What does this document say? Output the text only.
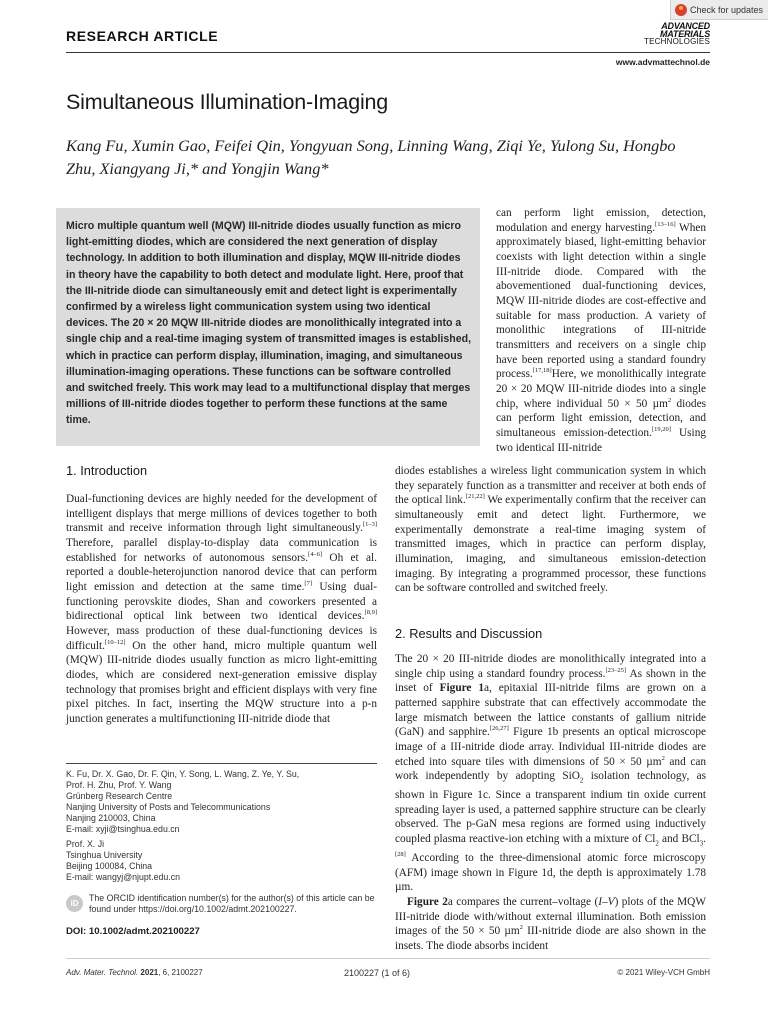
Check for updates
RESEARCH ARTICLE
ADVANCED
MATERIALS
TECHNOLOGIES
www.advmattechnol.de
Simultaneous Illumination-Imaging
Kang Fu, Xumin Gao, Feifei Qin, Yongyuan Song, Linning Wang, Ziqi Ye, Yulong Su, Hongbo Zhu, Xiangyang Ji,* and Yongjin Wang*
Micro multiple quantum well (MQW) III-nitride diodes usually function as micro light-emitting diodes, which are considered the next generation of display technology. In addition to both illumination and display, MQW III-nitride diodes in theory have the capability to both detect and modulate light. Here, proof that the III-nitride diode can simultaneously emit and detect light is experimentally confirmed by a wireless light communication system using two identical devices. The 20 × 20 MQW III-nitride diodes are monolithically integrated into a single chip and a real-time imaging system of transmitted images is established, which in practice can perform display, illumination, imaging, and simultaneous illumination-imaging operations. These functions can be software controlled and switched freely. This work may lead to a multifunctional display that merges millions of III-nitride diodes together to perform these functions at the same time.
can perform light emission, detection, modulation and energy harvesting.[13–16] When approximately biased, light-emitting behavior coexists with light detection within a single III-nitride diode. Compared with the abovementioned dual-functioning devices, MQW III-nitride diodes are cost-effective and suitable for mass production. A variety of monolithic integrations of III-nitride transmitters and receivers on a single chip have been reported using a standard foundry process.[17,18]Here, we monolithically integrate 20 × 20 MQW III-nitride diodes into a single chip, where individual 50 × 50 µm$^2$ diodes can perform light emission, detection, and simultaneous emission-detection.[19,20] Using two identical III-nitride
diodes establishes a wireless light communication system in which they separately function as a transmitter and receiver at both ends of the optical link.[21,22] We experimentally confirm that the receiver can simultaneously emit and detect light. Furthermore, we experimentally demonstrate a real-time imaging system of transmitted images, which in practice can perform display, illumination, imaging, and simultaneous emission-detection imaging. By integrating a programmed processor, these functions can be software controlled and switched freely.
1. Introduction
Dual-functioning devices are highly needed for the development of intelligent displays that merge millions of devices together to both transmit and receive information through light simultaneously.[1–3] Therefore, parallel display-to-display data communication is established for networks of autonomous sensors.[4–6] Oh et al. reported a double-heterojunction nanorod device that can perform light emission and detection at the same time.[7] Using dual-functioning perovskite diodes, Shan and coworkers presented a bidirectional optical link between two identical devices.[8,9] However, mass production of these dual-functioning devices is difficult.[10–12] On the other hand, micro multiple quantum well (MQW) III-nitride diodes usually function as micro light-emitting diodes, which are considered next-generation emissive display technology that promises bright and efficient displays with very fine pixel pitches. In fact, inserting the MQW structure into a p-n junction generates a multifunctioning III-nitride diode that
2. Results and Discussion

The 20 × 20 III-nitride diodes are monolithically integrated into a single chip using a standard foundry process.[23–25] As shown in the inset of Figure 1a, epitaxial III-nitride films are grown on a patterned sapphire substrate that can effectively accommodate the large mismatch between the lattice constants of gallium nitride (GaN) and sapphire.[26,27] Figure 1b presents an optical microscope image of a III-nitride diode array. Individual III-nitride diodes are etched into square tiles with dimensions of 50 × 50 µm$^2$ and can work independently by adopting SiO$_2$ isolation technology, as shown in Figure 1c. Since a transparent indium tin oxide current spreading layer is used, a patterned sapphire structure can be clearly observed. The p-GaN mesa regions are formed using inductively coupled plasma reactive-ion etching with a mixture of $Cl_2$ and BCl$_3$.[28] According to the three-dimensional atomic force microscopy (AFM) image shown in Figure 1d, the depth is approximately 1.78 µm.

Figure 2a compares the current–voltage (I–V) plots of the MQW III-nitride diode with/without external illumination. Both emission images of the 50 × 50 µm$^2$ III-nitride diode are also shown in the insets. The diode absorbs incident

K. Fu, Dr. X. Gao, Dr. F. Qin, Y. Song, L. Wang, Z. Ye, Y. Su,
Prof. H. Zhu, Prof. Y. Wang
Grünberg Research Centre
Nanjing University of Posts and Telecommunications
Nanjing 210003, China
E-mail: xyji@tsinghua.edu.cn
Prof. X. Ji
Tsinghua University
Beijing 100084, China
E-mail: wangyj@njupt.edu.cn
iD
The ORCID identification number(s) for the author(s) of this article can be found under https://doi.org/10.1002/admt.202100227.
DOI: 10.1002/admt.202100227
Adv. Mater. Technol. 2021, 6, 2100227	2100227 (1 of 6)	© 2021 Wiley-VCH GmbH
